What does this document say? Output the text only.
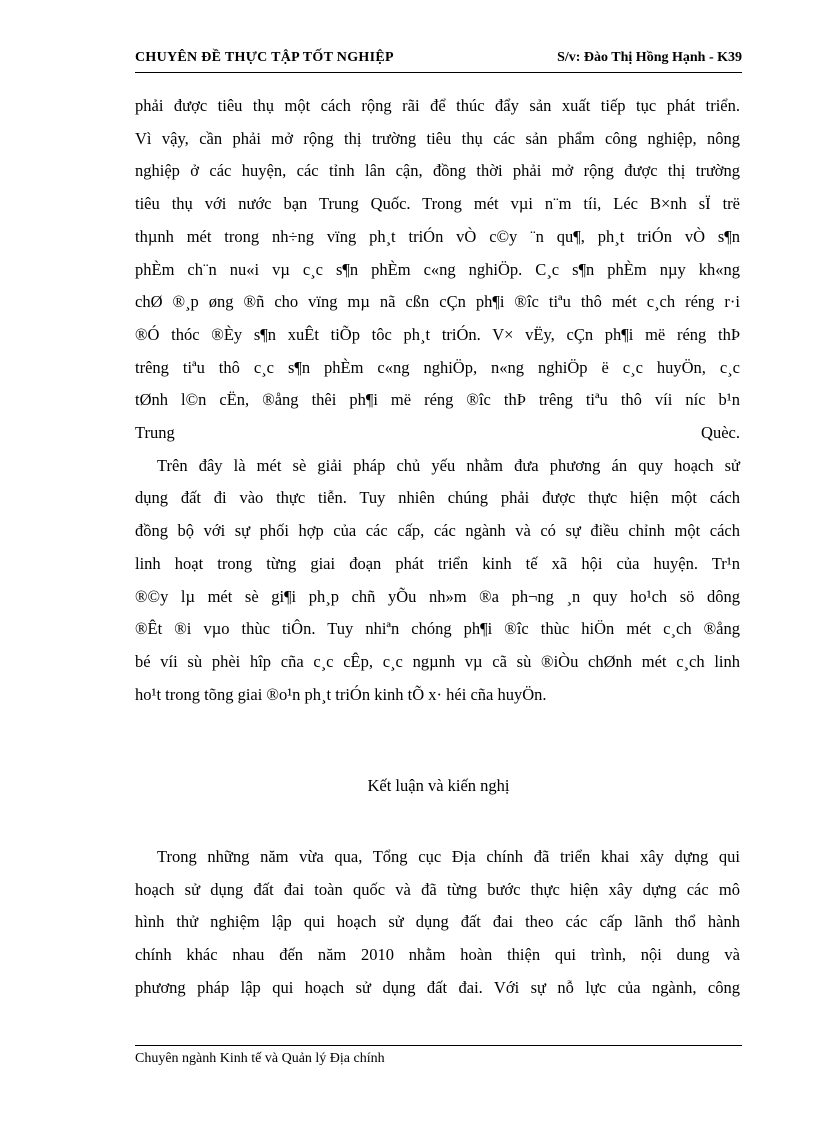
CHUYÊN ĐỀ THỰC TẬP TỐT NGHIỆP	S/v: Đào Thị Hồng Hạnh - K39

phải được tiêu thụ một cách rộng rãi để thúc đẩy sản xuất tiếp tục phát triển.
Vì vậy, cần phải mở rộng thị trường tiêu thụ các sản phẩm công nghiệp, nông
nghiệp ở các huyện, các tỉnh lân cận, đồng thời phải mở rộng được thị trường
tiêu thụ với nước bạn Trung Quốc. Trong mét vµi n¨m tíi, Léc B×nh sÏ trë
thµnh mét trong nh÷ng vïng ph¸t triÓn vÒ c©y ¨n qu¶, ph¸t triÓn vÒ s¶n
phÈm ch¨n nu«i vµ c¸c s¶n phÈm c«ng nghiÖp. C¸c s¶n phÈm nµy kh«ng
chØ ®¸p øng ®ñ cho vïng mµ nã cßn cÇn ph¶i ®îc tiªu thô mét c¸ch réng r·i
®Ó thóc ®Èy s¶n xuÊt tiÕp tôc ph¸t triÓn. V× vËy, cÇn ph¶i më réng thÞ
trêng tiªu thô c¸c s¶n phÈm c«ng nghiÖp, n«ng nghiÖp ë c¸c huyÖn, c¸c
tØnh l©n cËn, ®ång thêi ph¶i më réng ®îc thÞ trêng tiªu thô víi níc b¹n
Trung Quèc.

Trên đây là mét sè giải pháp chủ yếu nhằm đưa phương án quy hoạch sử
dụng đất đi vào thực tiễn. Tuy nhiên chúng phải được thực hiện một cách
đồng bộ với sự phối hợp của các cấp, các ngành và có sự điều chỉnh một cách
linh hoạt trong từng giai đoạn phát triển kinh tế xã hội của huyện. Tr¹n
®©y lµ mét sè gi¶i ph¸p chñ yÕu nh»m ®a ph¬ng ¸n quy ho¹ch sö dông
®Êt ®i vµo thùc tiÔn. Tuy nhiªn chóng ph¶i ®îc thùc hiÖn mét c¸ch ®ång
bé víi sù phèi hîp cña c¸c cÊp, c¸c ngµnh vµ cã sù ®iÒu chØnh mét c¸ch linh
ho¹t trong tõng giai ®o¹n ph¸t triÓn kinh tÕ x· héi cña huyÖn.

Kết luận và kiến nghị

Trong những năm vừa qua, Tổng cục Địa chính đã triển khai xây dựng qui
hoạch sử dụng đất đai toàn quốc và đã từng bước thực hiện xây dựng các mô
hình thử nghiệm lập qui hoạch sử dụng đất đai theo các cấp lãnh thổ hành
chính khác nhau đến năm 2010 nhằm hoàn thiện qui trình, nội dung và
phương pháp lập qui hoạch sử dụng đất đai. Với sự nỗ lực của ngành, công

Chuyên ngành Kinh tế và Quản lý Địa chính
